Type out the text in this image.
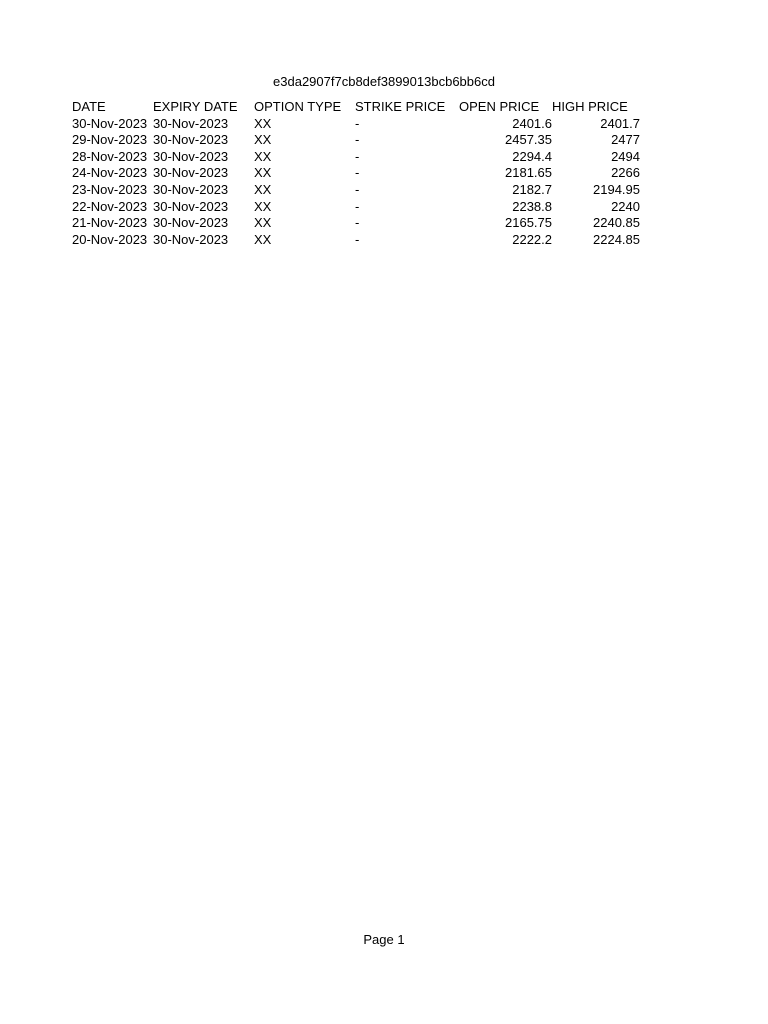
e3da2907f7cb8def3899013bcb6bb6cd
DATE	EXPIRY DATE	OPTION TYPE	STRIKE PRICE	OPEN PRICE	HIGH PRICE
30-Nov-2023	30-Nov-2023	XX	-	2401.6	2401.7
29-Nov-2023	30-Nov-2023	XX	-	2457.35	2477
28-Nov-2023	30-Nov-2023	XX	-	2294.4	2494
24-Nov-2023	30-Nov-2023	XX	-	2181.65	2266
23-Nov-2023	30-Nov-2023	XX	-	2182.7	2194.95
22-Nov-2023	30-Nov-2023	XX	-	2238.8	2240
21-Nov-2023	30-Nov-2023	XX	-	2165.75	2240.85
20-Nov-2023	30-Nov-2023	XX	-	2222.2	2224.85
Page 1
